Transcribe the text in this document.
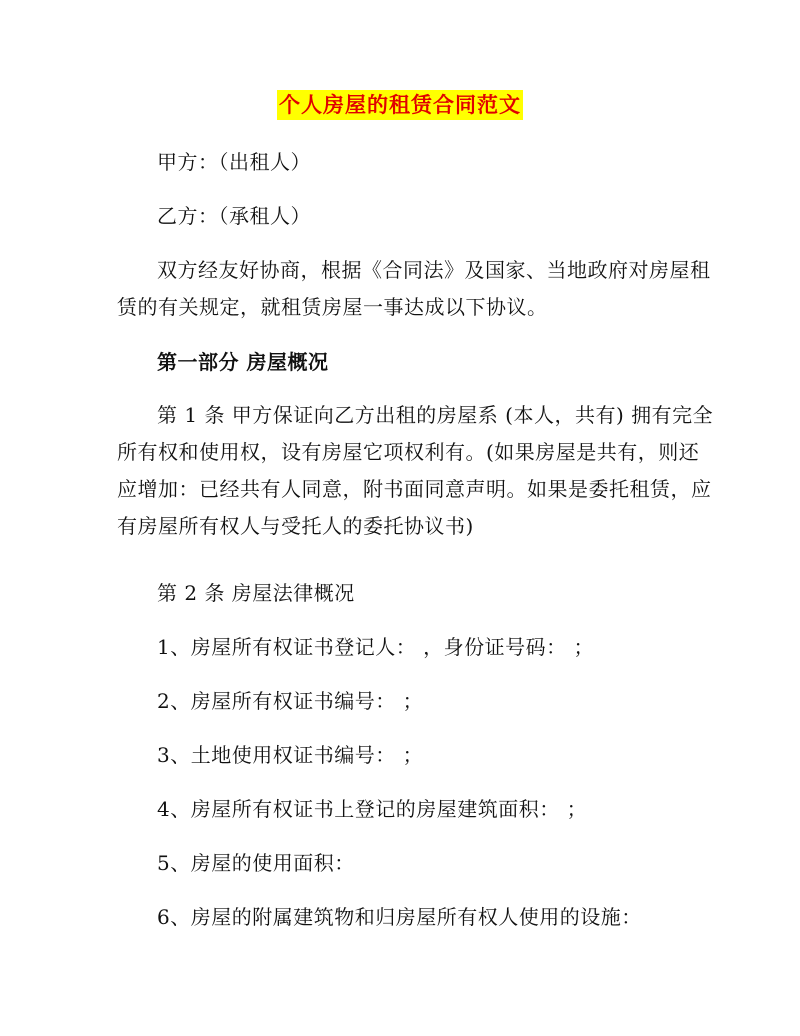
个人房屋的租赁合同范文

甲方：（出租人）

乙方：（承租人）

双方经友好协商，根据《合同法》及国家、当地政府对房屋租赁的有关规定，就租赁房屋一事达成以下协议。

第一部分 房屋概况

第 1 条 甲方保证向乙方出租的房屋系 (本人，共有) 拥有完全所有权和使用权，设有房屋它项权利有。(如果房屋是共有，则还应增加：已经共有人同意，附书面同意声明。如果是委托租赁，应有房屋所有权人与受托人的委托协议书)

第 2 条 房屋法律概况

1、房屋所有权证书登记人： ，身份证号码： ；

2、房屋所有权证书编号： ；

3、土地使用权证书编号： ；

4、房屋所有权证书上登记的房屋建筑面积： ；

5、房屋的使用面积：

6、房屋的附属建筑物和归房屋所有权人使用的设施：
